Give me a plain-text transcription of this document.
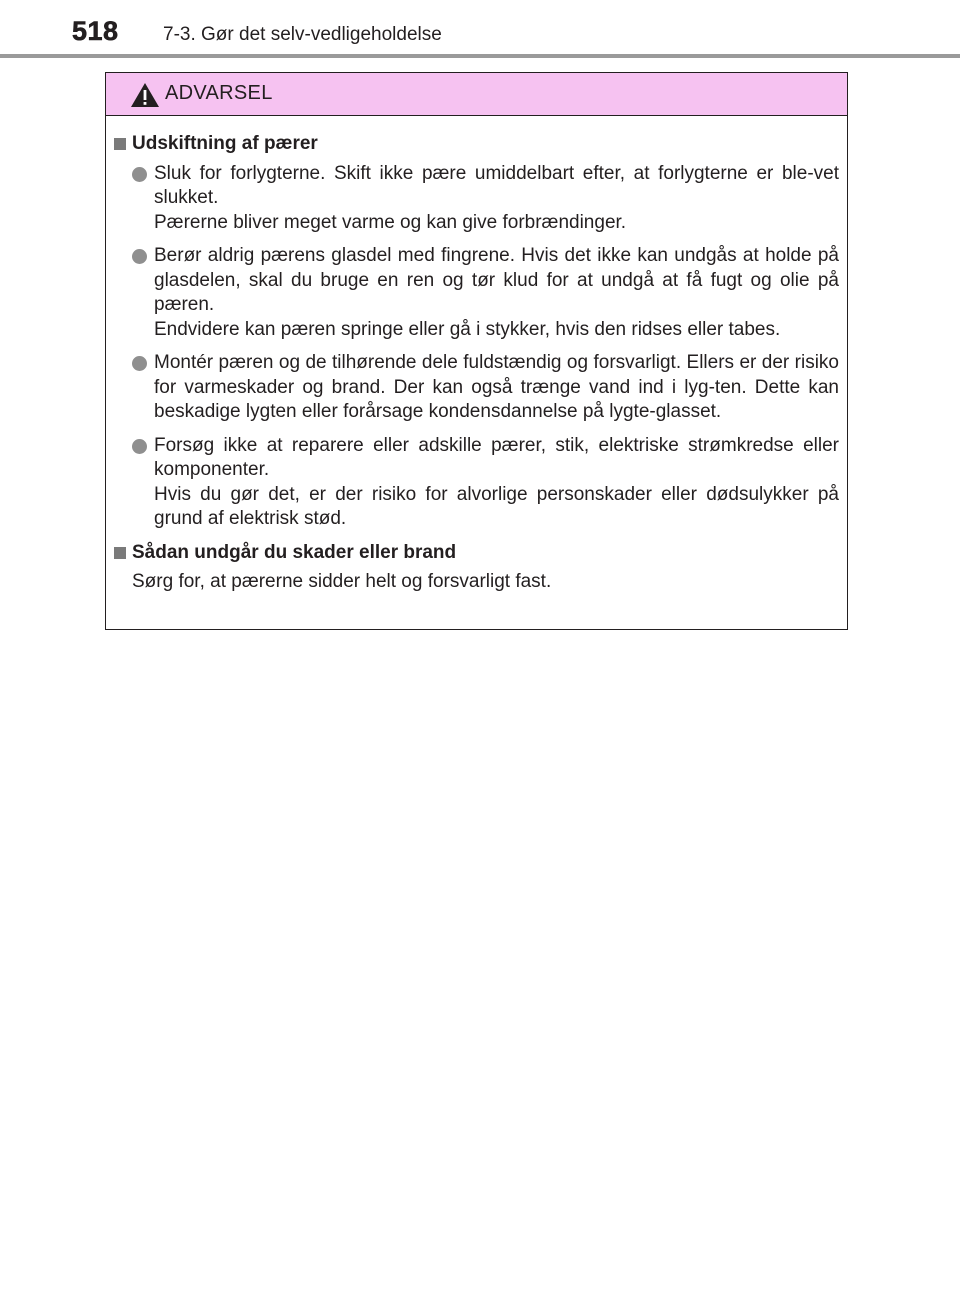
518 7-3. Gør det selv-vedligeholdelse
ADVARSEL
Udskiftning af pærer

Sluk for forlygterne. Skift ikke pære umiddelbart efter, at forlygterne er ble-vet slukket.

Pærerne bliver meget varme og kan give forbrændinger.

Berør aldrig pærens glasdel med fingrene. Hvis det ikke kan undgås at holde på glasdelen, skal du bruge en ren og tør klud for at undgå at få fugt og olie på pæren.

Endvidere kan pæren springe eller gå i stykker, hvis den ridses eller tabes.

Montér pæren og de tilhørende dele fuldstændig og forsvarligt. Ellers er der risiko for varmeskader og brand. Der kan også trænge vand ind i lyg-ten. Dette kan beskadige lygten eller forårsage kondensdannelse på lygte-glasset.

Forsøg ikke at reparere eller adskille pærer, stik, elektriske strømkredse eller komponenter.

Hvis du gør det, er der risiko for alvorlige personskader eller dødsulykker på grund af elektrisk stød.

Sådan undgår du skader eller brand

Sørg for, at pærerne sidder helt og forsvarligt fast.
